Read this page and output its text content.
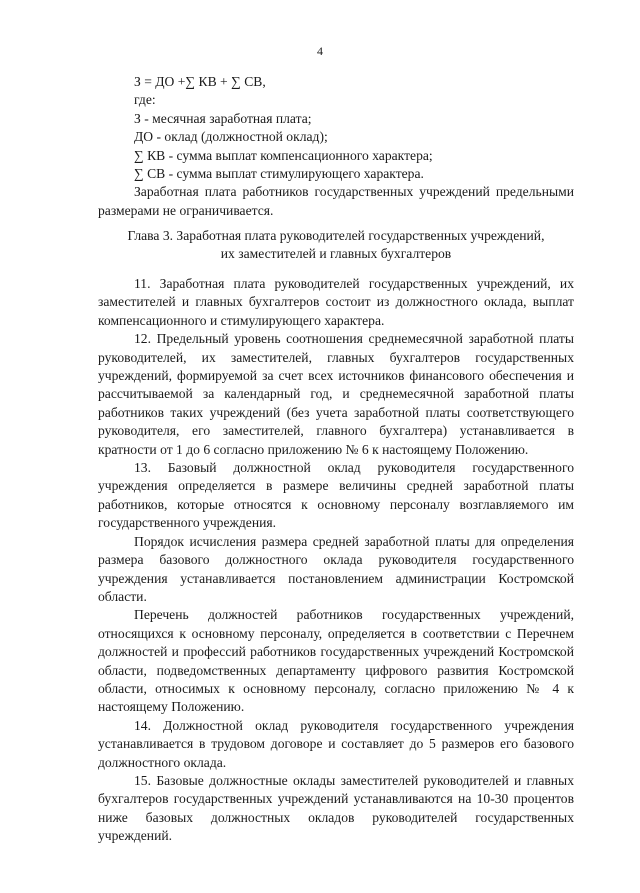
4
З = ДО +∑ КВ + ∑ СВ,
где:
З - месячная заработная плата;
ДО - оклад (должностной оклад);
∑ КВ - сумма выплат компенсационного характера;
∑ СВ - сумма выплат стимулирующего характера.

Заработная плата работников государственных учреждений предельными размерами не ограничивается.

Глава 3. Заработная плата руководителей государственных учреждений,
их заместителей и главных бухгалтеров

11. Заработная плата руководителей государственных учреждений, их заместителей и главных бухгалтеров состоит из должностного оклада, выплат компенсационного и стимулирующего характера.

12. Предельный уровень соотношения среднемесячной заработной платы руководителей, их заместителей, главных бухгалтеров государственных учреждений, формируемой за счет всех источников финансового обеспечения и рассчитываемой за календарный год, и среднемесячной заработной платы работников таких учреждений (без учета заработной платы соответствующего руководителя, его заместителей, главного бухгалтера) устанавливается в кратности от 1 до 6 согласно приложению № 6 к настоящему Положению.

13. Базовый должностной оклад руководителя государственного учреждения определяется в размере величины средней заработной платы работников, которые относятся к основному персоналу возглавляемого им государственного учреждения.

Порядок исчисления размера средней заработной платы для определения размера базового должностного оклада руководителя государственного учреждения устанавливается постановлением администрации Костромской области.

Перечень должностей работников государственных учреждений, относящихся к основному персоналу, определяется в соответствии с Перечнем должностей и профессий работников государственных учреждений Костромской области, подведомственных департаменту цифрового развития Костромской области, относимых к основному персоналу, согласно приложению № 4 к настоящему Положению.

14. Должностной оклад руководителя государственного учреждения устанавливается в трудовом договоре и составляет до 5 размеров его базового должностного оклада.

15. Базовые должностные оклады заместителей руководителей и главных бухгалтеров государственных учреждений устанавливаются на 10-30 процентов ниже базовых должностных окладов руководителей государственных учреждений.
